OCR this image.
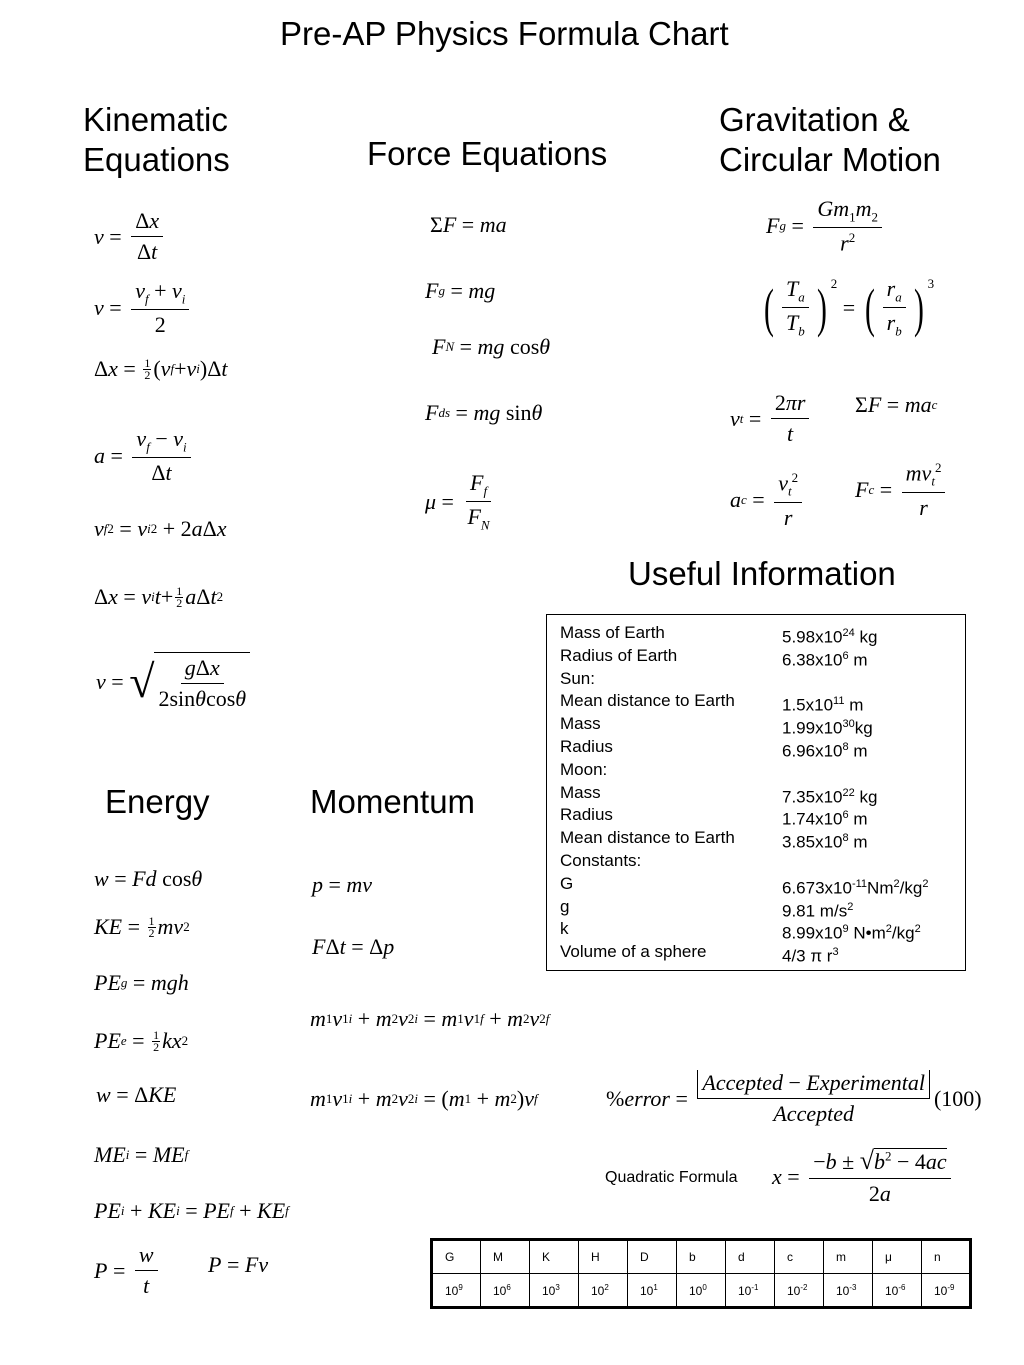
Pre-AP Physics Formula Chart
Kinematic
Equations	Force Equations
Gravitation &
Circular Motion
Useful Information
Energy	Momentum
$v = \frac{\Delta x}{\Delta t}$
$v = \frac{v_f + v_i}{2}$
Δ x = 1
2 ( v f + v i )Δ t
$a = \frac{v_f - v_i}{\Delta t}$
v f 2 = v i 2 + 2 a Δ x
Δ x = v i t + 1
2 a Δ t 2
v = √ $\frac{\text{gΔx}}{2\sin\theta\cos\theta}$
Σ F = ma
F g = mg
F N = mg cos θ
F ds = mg sin θ
$\mu = \frac{F_f}{F_N}$
F $g = \frac{Gm_1m_2}{r^2}$
( $\frac{T_a}{T_b}$ ) $^2$
= ( $\frac{r_a}{r_b}$ ) $^3$
v $t = \frac{2\pi r}{t}$ Σ F = ma c
a $c = \frac{v_t^2}{r}$ F $c = \frac{mv_t^2}{r}$
Mass of Earth	$5.98x10^{24}$ kg
Radius of Earth	$6.38x10^6$ m
Sun:
Mean distance to Earth	$1.5x10^{11}$ m
Mass	$1.99x10^{30}kg$
Radius	$6.96x10^8$ m
Moon:
Mass	$7.35x10^{22}$ kg
Radius	$1.74x10^6$ m
Mean distance to Earth	$3.85x10^8$ m
Constants:
G	$6.673x10^{-11}Nm^2/kg^2$
g	9.81 $m/s^2$
k	$8.99x10^9$ $N•m^2/kg^2$
Volume of a sphere	4/3 π $r^3$
w = Fd cos θ
KE = 1
2 mv 2
PE g = mgh
PE e = 1
2 kx 2
w = Δ KE
ME i = ME f
PE i + KE i = PE f + KE f
$P = \frac{w}{t}$ P = Fv
p = mv
F Δ t = Δ p
m 1 v 1i + m 2 v 2i = m 1 v 1f + m 2 v 2f
m 1 v 1i + m 2 v 2i = ( m 1 + m 2 ) v f	% error = $\frac{\text{Accepted − Experimental}}{\text{Accepted}} (100)$
Quadratic Formula $x = \frac{-b \pm √b^2 - 4ac}{2a}$
G	M	K	H	D	b	d	c	m	μ	n
$10^9$	$10^6$	$10^3$	$10^2$	$10^1$	$10^0$	$10^{-1}$	$10^{-2}$	$10^{-3}$	$10^{-6}$	$10^{-9}$
